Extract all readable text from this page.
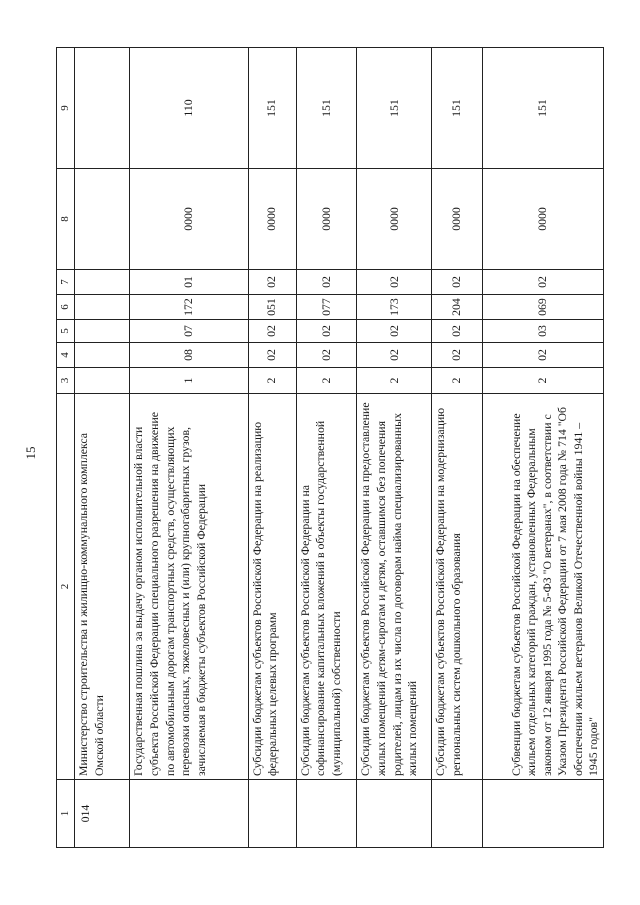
15
1	2	3	4	5	6	7	8	9
014	Министерство строительства и жилищно-коммунального комплекса Омской области							
	Государственная пошлина за выдачу органом исполнительной власти субъекта Российской Федерации специального разрешения на движение по автомобильным дорогам транспортных средств, осуществляющих перевозки опасных, тяжеловесных и (или) крупногабаритных грузов, зачисляемая в бюджеты субъектов Российской Федерации	1	08	07	172	01	0000	110
	Субсидии бюджетам субъектов Российской Федерации на реализацию федеральных целевых программ	2	02	02	051	02	0000	151
	Субсидии бюджетам субъектов Российской Федерации на софинансирование капитальных вложений в объекты государственной (муниципальной) собственности	2	02	02	077	02	0000	151
	Субсидии бюджетам субъектов Российской Федерации на предоставление жилых помещений детям-сиротам и детям, оставшимся без попечения родителей, лицам из их числа по договорам найма специализированных жилых помещений	2	02	02	173	02	0000	151
	Субсидии бюджетам субъектов Российской Федерации на модернизацию региональных систем дошкольного образования	2	02	02	204	02	0000	151
	Субвенции бюджетам субъектов Российской Федерации на обеспечение жильем отдельных категорий граждан, установленных Федеральным законом от 12 января 1995 года № 5-ФЗ "О ветеранах", в соответствии с Указом Президента Российской Федерации от 7 мая 2008 года № 714 "Об обеспечении жильем ветеранов Великой Отечественной войны 1941 – 1945 годов"	2	02	03	069	02	0000	151
